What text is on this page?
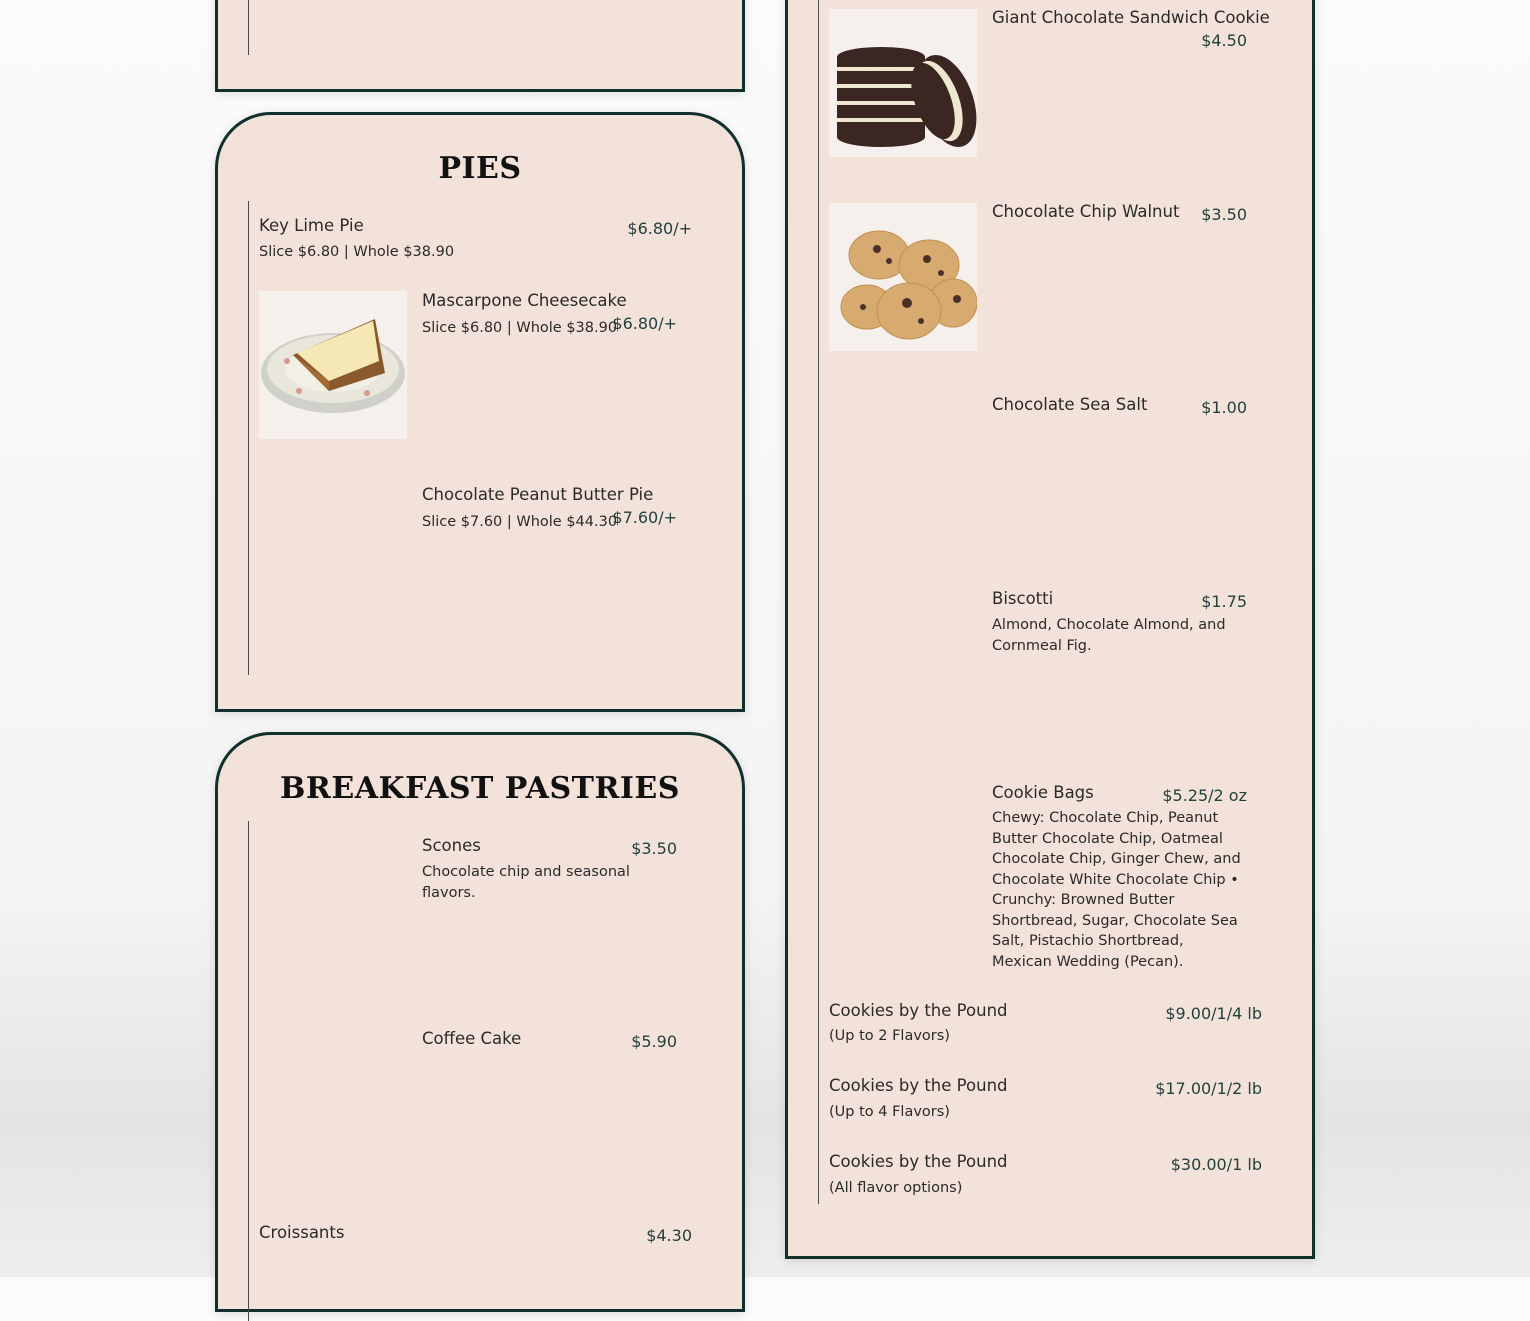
PIES
Key Lime Pie
Slice $6.80 | Whole $38.90
$6.80/+
Mascarpone Cheesecake
Slice $6.80 | Whole $38.90
$6.80/+
Chocolate Peanut Butter Pie
Slice $7.60 | Whole $44.30
$7.60/+
BREAKFAST PASTRIES
Scones
Chocolate chip and seasonal flavors.
$3.50
Coffee Cake	$5.90
Croissants	$4.30
Giant Chocolate Sandwich Cookie
$4.50
Chocolate Chip Walnut $3.50
Chocolate Sea Salt	$1.00
Biscotti
Almond, Chocolate Almond, and Cornmeal Fig.
$1.75
Cookie Bags
Chewy: Chocolate Chip, Peanut Butter Chocolate Chip, Oatmeal Chocolate Chip, Ginger Chew, and Chocolate White Chocolate Chip • Crunchy: Browned Butter Shortbread, Sugar, Chocolate Sea Salt, Pistachio Shortbread, Mexican Wedding (Pecan).
$5.25/2 oz
Cookies by the Pound
(Up to 2 Flavors)
$9.00/1/4 lb
Cookies by the Pound
(Up to 4 Flavors)
$17.00/1/2 lb
Cookies by the Pound
(All flavor options)
$30.00/1 lb
